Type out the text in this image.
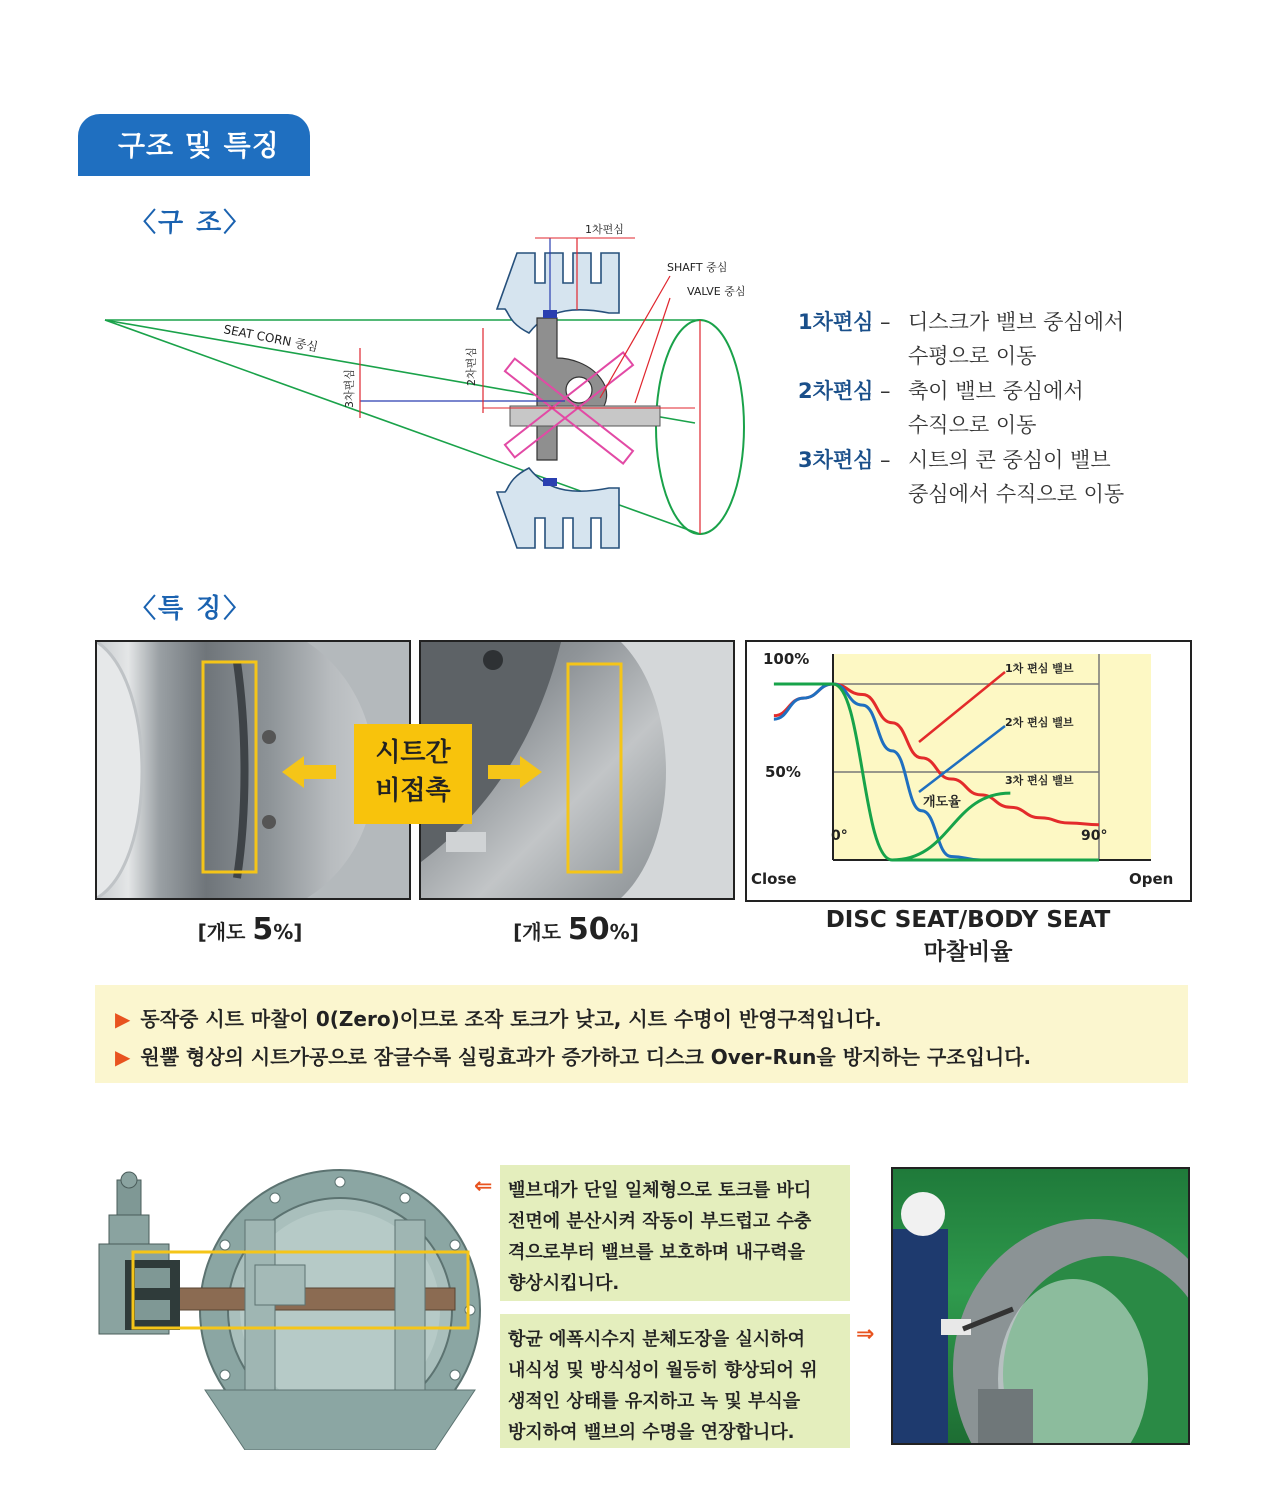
구조 및 특징
〈구 조〉	1차편심
SHAFT 중심
VALVE 중심
SEAT CORN 중심
2차편심
3차편심
1차편심 – 디스크가 밸브 중심에서
수평으로 이동
2차편심 – 축이 밸브 중심에서
수직으로 이동
3차편심 – 시트의 콘 중심이 밸브
중심에서 수직으로 이동
〈특 징〉
[개도 5%]	[개도 50%]
시트간
비접촉
100%
50%
0°	90°
Close	Open
1차 편심 밸브
2차 편심 밸브
3차 편심 밸브
개도율
DISC SEAT/BODY SEAT
마찰비율
▶ 동작중 시트 마찰이 0(Zero)이므로 조작 토크가 낮고, 시트 수명이 반영구적입니다.
▶ 원뿔 형상의 시트가공으로 잠글수록 실링효과가 증가하고 디스크 Over-Run을 방지하는 구조입니다.
⇐ 밸브대가 단일 일체형으로 토크를 바디
전면에 분산시켜 작동이 부드럽고 수충
격으로부터 밸브를 보호하며 내구력을
향상시킵니다.
항균 에폭시수지 분체도장을 실시하여
내식성 및 방식성이 월등히 향상되어 위
생적인 상태를 유지하고 녹 및 부식을
방지하여 밸브의 수명을 연장합니다.
⇒
